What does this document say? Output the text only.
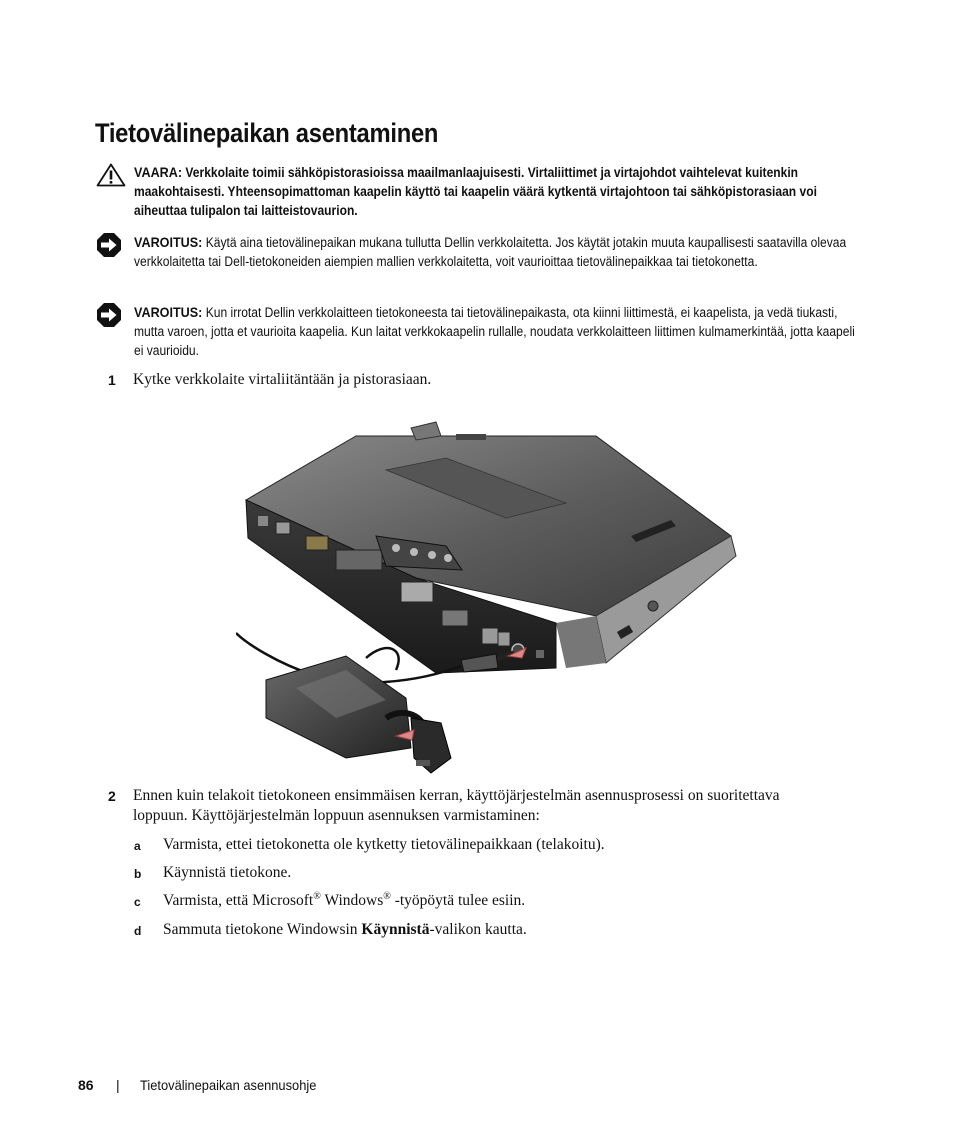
Tietovälinepaikan asentaminen
VAARA: Verkkolaite toimii sähköpistorasioissa maailmanlaajuisesti. Virtaliittimet ja virtajohdot vaihtelevat kuitenkin maakohtaisesti. Yhteensopimattoman kaapelin käyttö tai kaapelin väärä kytkentä virtajohtoon tai sähköpistorasiaan voi aiheuttaa tulipalon tai laitteistovaurion.
VAROITUS: Käytä aina tietovälinepaikan mukana tullutta Dellin verkkolaitetta. Jos käytät jotakin muuta kaupallisesti saatavilla olevaa verkkolaitetta tai Dell-tietokoneiden aiempien mallien verkkolaitetta, voit vaurioittaa tietovälinepaikkaa tai tietokonetta.
VAROITUS: Kun irrotat Dellin verkkolaitteen tietokoneesta tai tietovälinepaikasta, ota kiinni liittimestä, ei kaapelista, ja vedä tiukasti, mutta varoen, jotta et vaurioita kaapelia. Kun laitat verkkokaapelin rullalle, noudata verkkolaitteen liittimen kulmamerkintää, jotta kaapeli ei vaurioidu.
1 Kytke verkkolaite virtaliitäntään ja pistorasiaan.
2 Ennen kuin telakoit tietokoneen ensimmäisen kerran, käyttöjärjestelmän asennusprosessi on suoritettava loppuun. Käyttöjärjestelmän loppuun asennuksen varmistaminen:
a Varmista, ettei tietokonetta ole kytketty tietovälinepaikkaan (telakoitu).
b Käynnistä tietokone.
c Varmista, että Microsoft® Windows® -työpöytä tulee esiin.
d Sammuta tietokone Windowsin Käynnistä-valikon kautta.
86 | Tietovälinepaikan asennusohje
